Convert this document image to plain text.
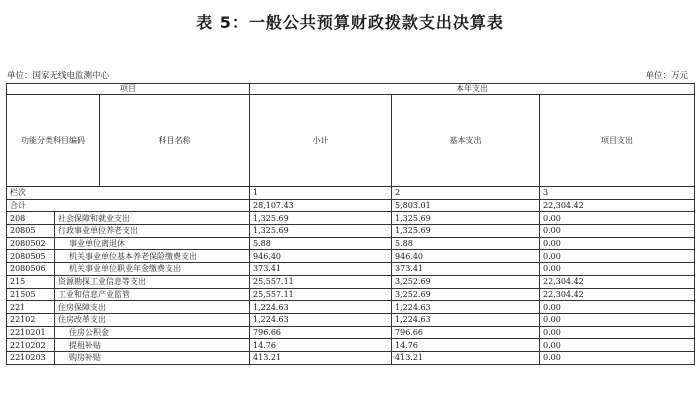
表 5：一般公共预算财政拨款支出决算表
单位：国家无线电监测中心	单位：万元
项目			本年支出		
功能分类科目编码		科目名称	小计	基本支出	项目支出
栏次			1	2	3
合计			28,107.43	5,803.01	22,304.42
208	社会保障和就业支出		1,325.69	1,325.69	0.00
20805	行政事业单位养老支出		1,325.69	1,325.69	0.00
2080502	事业单位离退休		5.88	5.88	0.00
2080505	机关事业单位基本养老保险缴费支出		946.40	946.40	0.00
2080506	机关事业单位职业年金缴费支出		373.41	373.41	0.00
215	资源勘探工业信息等支出		25,557.11	3,252.69	22,304.42
21505	工业和信息产业监管		25,557.11	3,252.69	22,304.42
221	住房保障支出		1,224.63	1,224.63	0.00
22102	住房改革支出		1,224.63	1,224.63	0.00
2210201	住房公积金		796.66	796.66	0.00
2210202	提租补贴		14.76	14.76	0.00
2210203	购房补贴		413.21	413.21	0.00
